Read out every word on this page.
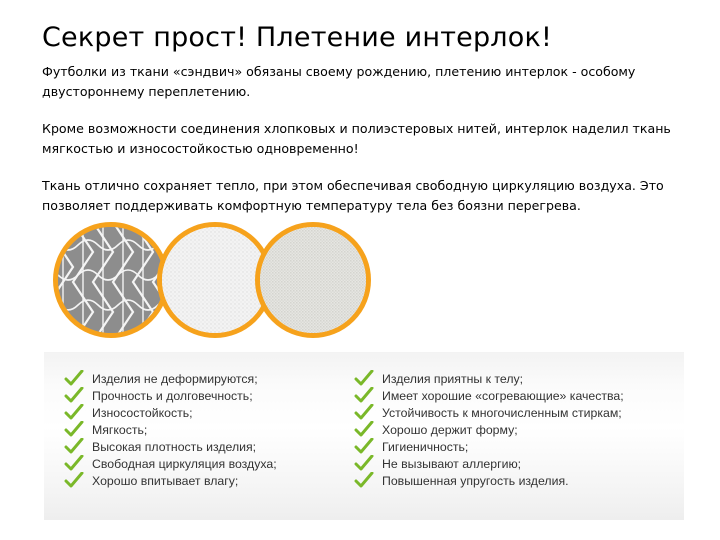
Секрет прост! Плетение интерлок!
Футболки из ткани «сэндвич» обязаны своему рождению, плетению интерлок - особому двустороннему переплетению.
Кроме возможности соединения хлопковых и полиэстеровых нитей, интерлок наделил ткань мягкостью и износостойкостью одновременно!
Ткань отлично сохраняет тепло, при этом обеспечивая свободную циркуляцию воздуха. Это позволяет поддерживать комфортную температуру тела без боязни перегрева.
Изделия не деформируются;
Прочность и долговечность;
Износостойкость;
Мягкость;
Высокая плотность изделия;
Свободная циркуляция воздуха;
Хорошо впитывает влагу;
Изделия приятны к телу;
Имеет хорошие «согревающие» качества;
Устойчивость к многочисленным стиркам;
Хорошо держит форму;
Гигиеничность;
Не вызывают аллергию;
Повышенная упругость изделия.
